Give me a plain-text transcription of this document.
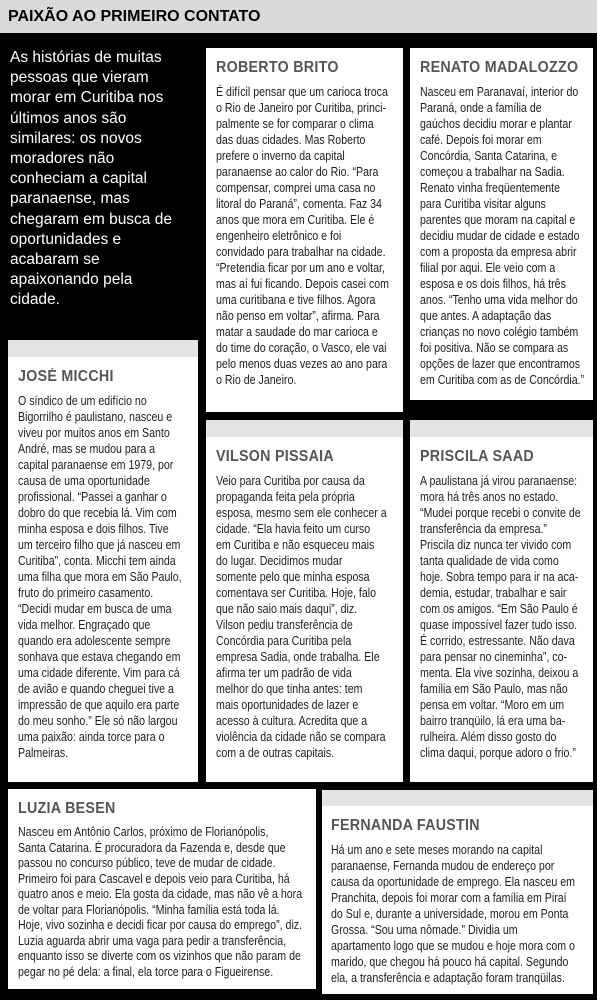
PAIXÃO AO PRIMEIRO CONTATO
As histórias de muitas
pessoas que vieram
morar em Curitiba nos
últimos anos são
similares: os novos
moradores não
conheciam a capital
paranaense, mas
chegaram em busca de
oportunidades e
acabaram se
apaixonando pela
cidade.
ROBERTO BRITO
É difícil pensar que um carioca troca
o Rio de Janeiro por Curitiba, princi-
palmente se for comparar o clima
das duas cidades. Mas Roberto
prefere o inverno da capital
paranaense ao calor do Rio. “Para
compensar, comprei uma casa no
litoral do Paraná”, comenta. Faz 34
anos que mora em Curitiba. Ele é
engenheiro eletrônico e foi
convidado para trabalhar na cidade.
“Pretendia ficar por um ano e voltar,
mas aí fui ficando. Depois casei com
uma curitibana e tive filhos. Agora
não penso em voltar”, afirma. Para
matar a saudade do mar carioca e
do time do coração, o Vasco, ele vai
pelo menos duas vezes ao ano para
o Rio de Janeiro.
RENATO MADALOZZO
Nasceu em Paranavaí, interior do
Paraná, onde a família de
gaúchos decidiu morar e plantar
café. Depois foi morar em
Concórdia, Santa Catarina, e
começou a trabalhar na Sadia.
Renato vinha freqüentemente
para Curitiba visitar alguns
parentes que moram na capital e
decidiu mudar de cidade e estado
com a proposta da empresa abrir
filial por aqui. Ele veio com a
esposa e os dois filhos, há três
anos. “Tenho uma vida melhor do
que antes. A adaptação das
crianças no novo colégio também
foi positiva. Não se compara as
opções de lazer que encontramos
em Curitiba com as de Concórdia.”
JOSÉ MICCHI
O síndico de um edifício no
Bigorrilho é paulistano, nasceu e
viveu por muitos anos em Santo
André, mas se mudou para a
capital paranaense em 1979, por
causa de uma oportunidade
profissional. “Passei a ganhar o
dobro do que recebia lá. Vim com
minha esposa e dois filhos. Tive
um terceiro filho que já nasceu em
Curitiba”, conta. Micchi tem ainda
uma filha que mora em São Paulo,
fruto do primeiro casamento.
“Decidi mudar em busca de uma
vida melhor. Engraçado que
quando era adolescente sempre
sonhava que estava chegando em
uma cidade diferente. Vim para cá
de avião e quando cheguei tive a
impressão de que aquilo era parte
do meu sonho.” Ele só não largou
uma paixão: ainda torce para o
Palmeiras.
VILSON PISSAIA
Veio para Curitiba por causa da
propaganda feita pela própria
esposa, mesmo sem ele conhecer a
cidade. “Ela havia feito um curso
em Curitiba e não esqueceu mais
do lugar. Decidimos mudar
somente pelo que minha esposa
comentava ser Curitiba. Hoje, falo
que não saio mais daqui”, diz.
Vilson pediu transferência de
Concórdia para Curitiba pela
empresa Sadia, onde trabalha. Ele
afirma ter um padrão de vida
melhor do que tinha antes: tem
mais oportunidades de lazer e
acesso à cultura. Acredita que a
violência da cidade não se compara
com a de outras capitais.
PRISCILA SAAD
A paulistana já virou paranaense:
mora há três anos no estado.
“Mudei porque recebi o convite de
transferência da empresa.”
Priscila diz nunca ter vivido com
tanta qualidade de vida como
hoje. Sobra tempo para ir na aca-
demia, estudar, trabalhar e sair
com os amigos. “Em São Paulo é
quase impossível fazer tudo isso.
É corrido, estressante. Não dava
para pensar no cineminha”, co-
menta. Ela vive sozinha, deixou a
família em São Paulo, mas não
pensa em voltar. “Moro em um
bairro tranqüilo, lá era uma ba-
rulheira. Além disso gosto do
clima daqui, porque adoro o frio.”
LUZIA BESEN
Nasceu em Antônio Carlos, próximo de Florianópolis,
Santa Catarina. É procuradora da Fazenda e, desde que
passou no concurso público, teve de mudar de cidade.
Primeiro foi para Cascavel e depois veio para Curitiba, há
quatro anos e meio. Ela gosta da cidade, mas não vê a hora
de voltar para Florianópolis. “Minha família está toda lá.
Hoje, vivo sozinha e decidi ficar por causa do emprego”, diz.
Luzia aguarda abrir uma vaga para pedir a transferência,
enquanto isso se diverte com os vizinhos que não param de
pegar no pé dela: a final, ela torce para o Figueirense.
FERNANDA FAUSTIN
Há um ano e sete meses morando na capital
paranaense, Fernanda mudou de endereço por
causa da oportunidade de emprego. Ela nasceu em
Pranchita, depois foi morar com a família em Piraí
do Sul e, durante a universidade, morou em Ponta
Grossa. “Sou uma nômade.” Dividia um
apartamento logo que se mudou e hoje mora com o
marido, que chegou há pouco há capital. Segundo
ela, a transferência e adaptação foram tranqüilas.
